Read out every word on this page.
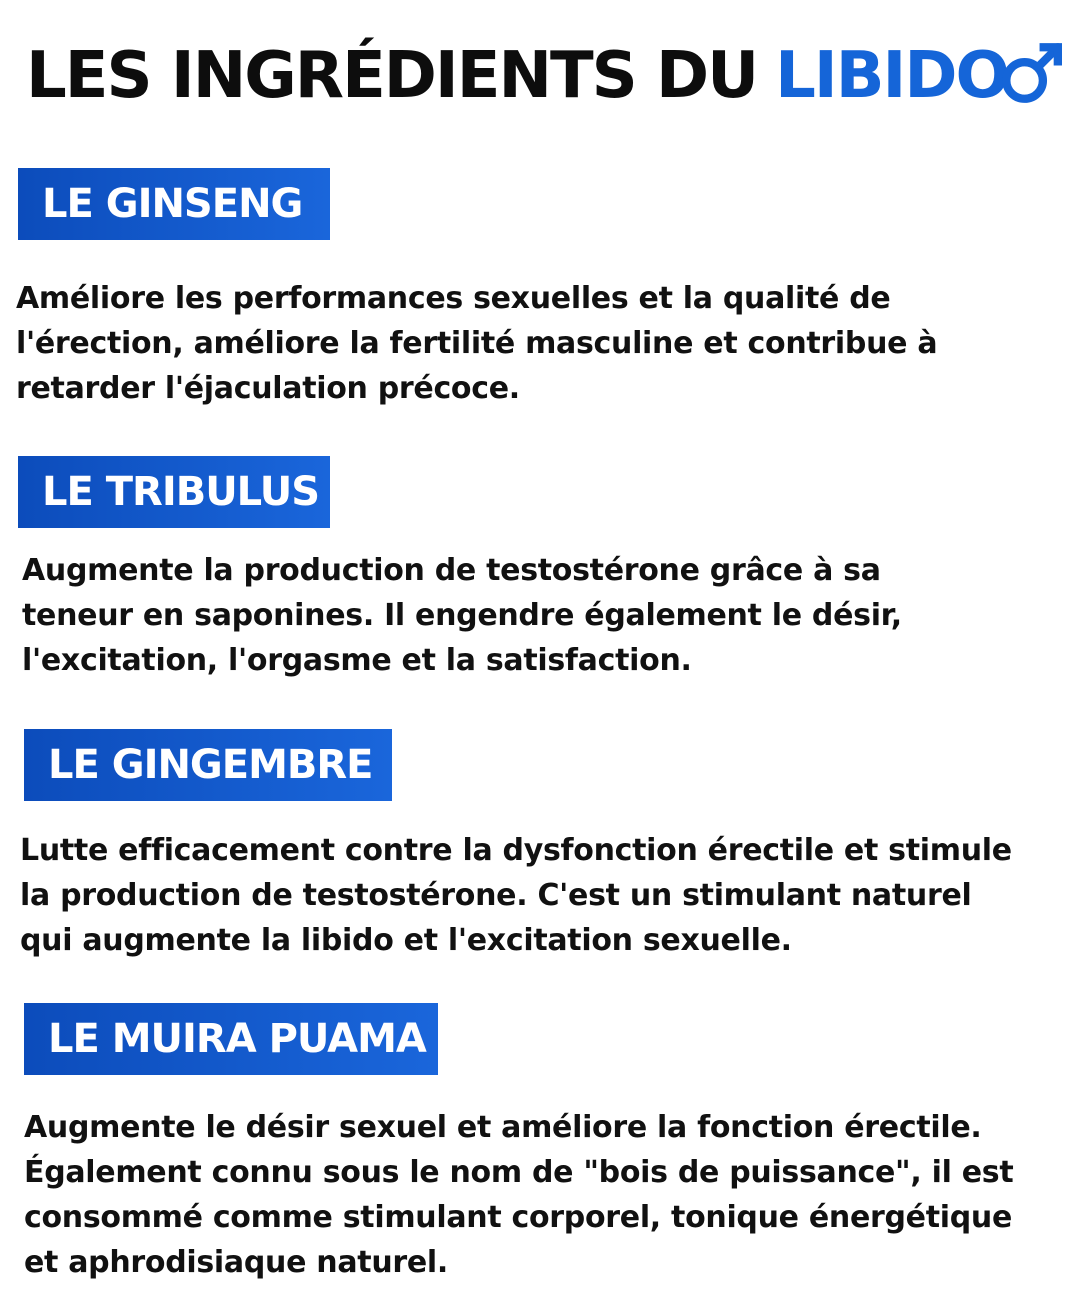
LES INGRÉDIENTS DU LIBIDO
LE GINSENG
Améliore les performances sexuelles et la qualité de
l'érection, améliore la fertilité masculine et contribue à
retarder l'éjaculation précoce.
LE TRIBULUS
Augmente la production de testostérone grâce à sa
teneur en saponines. Il engendre également le désir,
l'excitation, l'orgasme et la satisfaction.
LE GINGEMBRE
Lutte efficacement contre la dysfonction érectile et stimule
la production de testostérone. C'est un stimulant naturel
qui augmente la libido et l'excitation sexuelle.
LE MUIRA PUAMA
Augmente le désir sexuel et améliore la fonction érectile.
Également connu sous le nom de "bois de puissance", il est
consommé comme stimulant corporel, tonique énergétique
et aphrodisiaque naturel.
